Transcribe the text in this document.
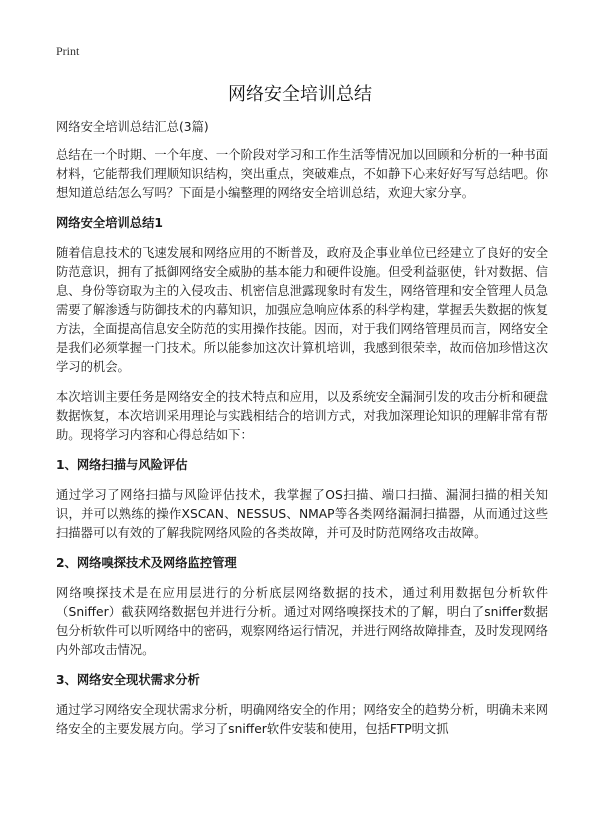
Print
网络安全培训总结

网络安全培训总结汇总(3篇)

总结在一个时期、一个年度、一个阶段对学习和工作生活等情况加以回顾和分析的一种书面材料，它能帮我们理顺知识结构，突出重点，突破难点，不如静下心来好好写写总结吧。你想知道总结怎么写吗？下面是小编整理的网络安全培训总结，欢迎大家分享。

网络安全培训总结1

随着信息技术的飞速发展和网络应用的不断普及，政府及企事业单位已经建立了良好的安全防范意识，拥有了抵御网络安全威胁的基本能力和硬件设施。但受利益驱使，针对数据、信息、身份等窃取为主的入侵攻击、机密信息泄露现象时有发生，网络管理和安全管理人员急需要了解渗透与防御技术的内幕知识，加强应急响应体系的科学构建，掌握丢失数据的恢复方法，全面提高信息安全防范的实用操作技能。因而，对于我们网络管理员而言，网络安全是我们必须掌握一门技术。所以能参加这次计算机培训，我感到很荣幸，故而倍加珍惜这次学习的机会。

本次培训主要任务是网络安全的技术特点和应用，以及系统安全漏洞引发的攻击分析和硬盘数据恢复，本次培训采用理论与实践相结合的培训方式，对我加深理论知识的理解非常有帮助。现将学习内容和心得总结如下：

1、网络扫描与风险评估

通过学习了网络扫描与风险评估技术，我掌握了OS扫描、端口扫描、漏洞扫描的相关知识，并可以熟练的操作XSCAN、NESSUS、NMAP等各类网络漏洞扫描器，从而通过这些扫描器可以有效的了解我院网络风险的各类故障，并可及时防范网络攻击故障。

2、网络嗅探技术及网络监控管理

网络嗅探技术是在应用层进行的分析底层网络数据的技术，通过利用数据包分析软件（Sniffer）截获网络数据包并进行分析。通过对网络嗅探技术的了解，明白了sniffer数据包分析软件可以听网络中的密码，观察网络运行情况，并进行网络故障排查，及时发现网络内外部攻击情况。

3、网络安全现状需求分析

通过学习网络安全现状需求分析，明确网络安全的作用；网络安全的趋势分析，明确未来网络安全的主要发展方向。学习了sniffer软件安装和使用，包括FTP明文抓
